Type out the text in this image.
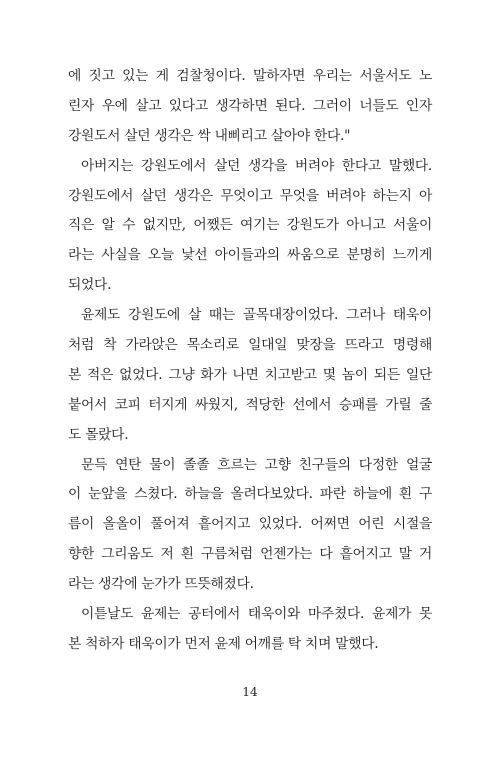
에 짓고 있는 게 검찰청이다. 말하자면 우리는 서울서도 노
린자 우에 살고 있다고 생각하면 된다. 그러이 너들도 인자
강원도서 살던 생각은 싹 내삐리고 살아야 한다."
아버지는 강원도에서 살던 생각을 버려야 한다고 말했다.
강원도에서 살던 생각은 무엇이고 무엇을 버려야 하는지 아
직은 알 수 없지만, 어쨌든 여기는 강원도가 아니고 서울이
라는 사실을 오늘 낯선 아이들과의 싸움으로 분명히 느끼게
되었다.
윤제도 강원도에 살 때는 골목대장이었다. 그러나 태욱이
처럼 착 가라앉은 목소리로 일대일 맞장을 뜨라고 명령해
본 적은 없었다. 그냥 화가 나면 치고받고 몇 놈이 되든 일단
붙어서 코피 터지게 싸웠지, 적당한 선에서 승패를 가릴 줄
도 몰랐다.
문득 연탄 물이 졸졸 흐르는 고향 친구들의 다정한 얼굴
이 눈앞을 스쳤다. 하늘을 올려다보았다. 파란 하늘에 흰 구
름이 올올이 풀어져 흩어지고 있었다. 어쩌면 어린 시절을
향한 그리움도 저 흰 구름처럼 언젠가는 다 흩어지고 말 거
라는 생각에 눈가가 뜨뜻해졌다.
이튿날도 윤제는 공터에서 태욱이와 마주쳤다. 윤제가 못
본 척하자 태욱이가 먼저 윤제 어깨를 탁 치며 말했다.
14
